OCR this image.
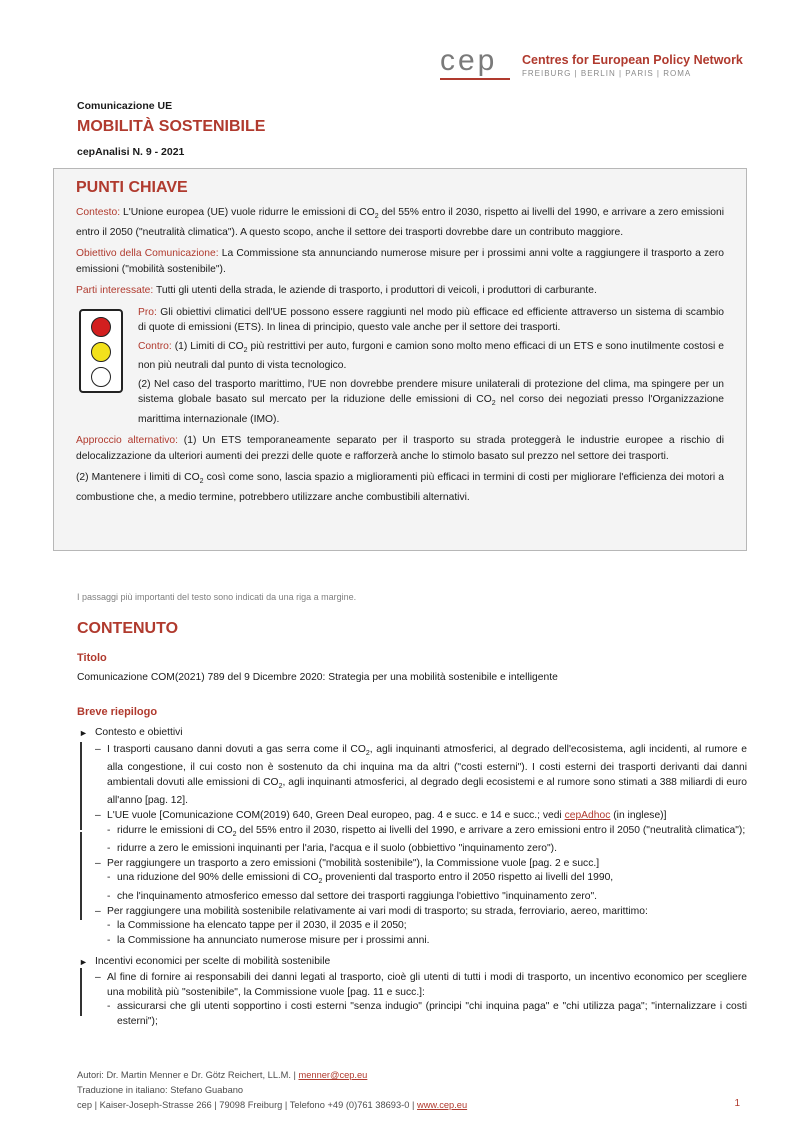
cep Centres for European Policy Network
FREIBURG | BERLIN | PARIS | ROMA
Comunicazione UE
MOBILITÀ SOSTENIBILE
cepAnalisi N. 9 - 2021
PUNTI CHIAVE

Contesto: L'Unione europea (UE) vuole ridurre le emissioni di $CO_2$ del 55% entro il 2030, rispetto ai livelli del 1990, e arrivare a zero emissioni entro il 2050 ("neutralità climatica"). A questo scopo, anche il settore dei trasporti dovrebbe dare un contributo maggiore.

Obiettivo della Comunicazione: La Commissione sta annunciando numerose misure per i prossimi anni volte a raggiungere il trasporto a zero emissioni ("mobilità sostenibile").

Parti interessate: Tutti gli utenti della strada, le aziende di trasporto, i produttori di veicoli, i produttori di carburante.

Pro: Gli obiettivi climatici dell'UE possono essere raggiunti nel modo più efficace ed efficiente attraverso un sistema di scambio di quote di emissioni (ETS). In linea di principio, questo vale anche per il settore dei trasporti.

Contro: (1) Limiti di $CO_2$ più restrittivi per auto, furgoni e camion sono molto meno efficaci di un ETS e sono inutilmente costosi e non più neutrali dal punto di vista tecnologico.

(2) Nel caso del trasporto marittimo, l'UE non dovrebbe prendere misure unilaterali di protezione del clima, ma spingere per un sistema globale basato sul mercato per la riduzione delle emissioni di $CO_2$ nel corso dei negoziati presso l'Organizzazione marittima internazionale (IMO).

Approccio alternativo: (1) Un ETS temporaneamente separato per il trasporto su strada proteggerà le industrie europee a rischio di delocalizzazione da ulteriori aumenti dei prezzi delle quote e rafforzerà anche lo stimolo basato sul prezzo nel settore dei trasporti.

(2) Mantenere i limiti di $CO_2$ così come sono, lascia spazio a miglioramenti più efficaci in termini di costi per migliorare l'efficienza dei motori a combustione che, a medio termine, potrebbero utilizzare anche combustibili alternativi.

I passaggi più importanti del testo sono indicati da una riga a margine.
CONTENUTO
Titolo
Comunicazione COM(2021) 789 del 9 Dicembre 2020: Strategia per una mobilità sostenibile e intelligente
Breve riepilogo
► Contesto e obiettivi
– I trasporti causano danni dovuti a gas serra come il $CO_2$, agli inquinanti atmosferici, al degrado dell'ecosistema, agli incidenti, al rumore e alla congestione, il cui costo non è sostenuto da chi inquina ma da altri ("costi esterni"). I costi esterni dei trasporti derivanti dai danni ambientali dovuti alle emissioni di $CO_2$, agli inquinanti atmosferici, al degrado degli ecosistemi e al rumore sono stimati a 388 miliardi di euro all'anno [pag. 12].
– L'UE vuole [Comunicazione COM(2019) 640, Green Deal europeo, pag. 4 e succ. e 14 e succ.; vedi cepAdhoc (in inglese)]
- ridurre le emissioni di $CO_2$ del 55% entro il 2030, rispetto ai livelli del 1990, e arrivare a zero emissioni entro il 2050 ("neutralità climatica");
- ridurre a zero le emissioni inquinanti per l'aria, l'acqua e il suolo (obbiettivo "inquinamento zero").
– Per raggiungere un trasporto a zero emissioni ("mobilità sostenibile"), la Commissione vuole [pag. 2 e succ.]
- una riduzione del 90% delle emissioni di $CO_2$ provenienti dal trasporto entro il 2050 rispetto ai livelli del 1990,
- che l'inquinamento atmosferico emesso dal settore dei trasporti raggiunga l'obiettivo "inquinamento zero".
– Per raggiungere una mobilità sostenibile relativamente ai vari modi di trasporto; su strada, ferroviario, aereo, marittimo:
- la Commissione ha elencato tappe per il 2030, il 2035 e il 2050;
- la Commissione ha annunciato numerose misure per i prossimi anni.
► Incentivi economici per scelte di mobilità sostenibile
– Al fine di fornire ai responsabili dei danni legati al trasporto, cioè gli utenti di tutti i modi di trasporto, un incentivo economico per scegliere una mobilità più "sostenibile", la Commissione vuole [pag. 11 e succ.]:
- assicurarsi che gli utenti sopportino i costi esterni "senza indugio" (principi "chi inquina paga" e "chi utilizza paga"; "internalizzare i costi esterni");
Autori: Dr. Martin Menner e Dr. Götz Reichert, LL.M. | menner@cep.eu
Traduzione in italiano: Stefano Guabano
cep | Kaiser-Joseph-Strasse 266 | 79098 Freiburg | Telefono +49 (0)761 38693-0 | www.cep.eu	1
